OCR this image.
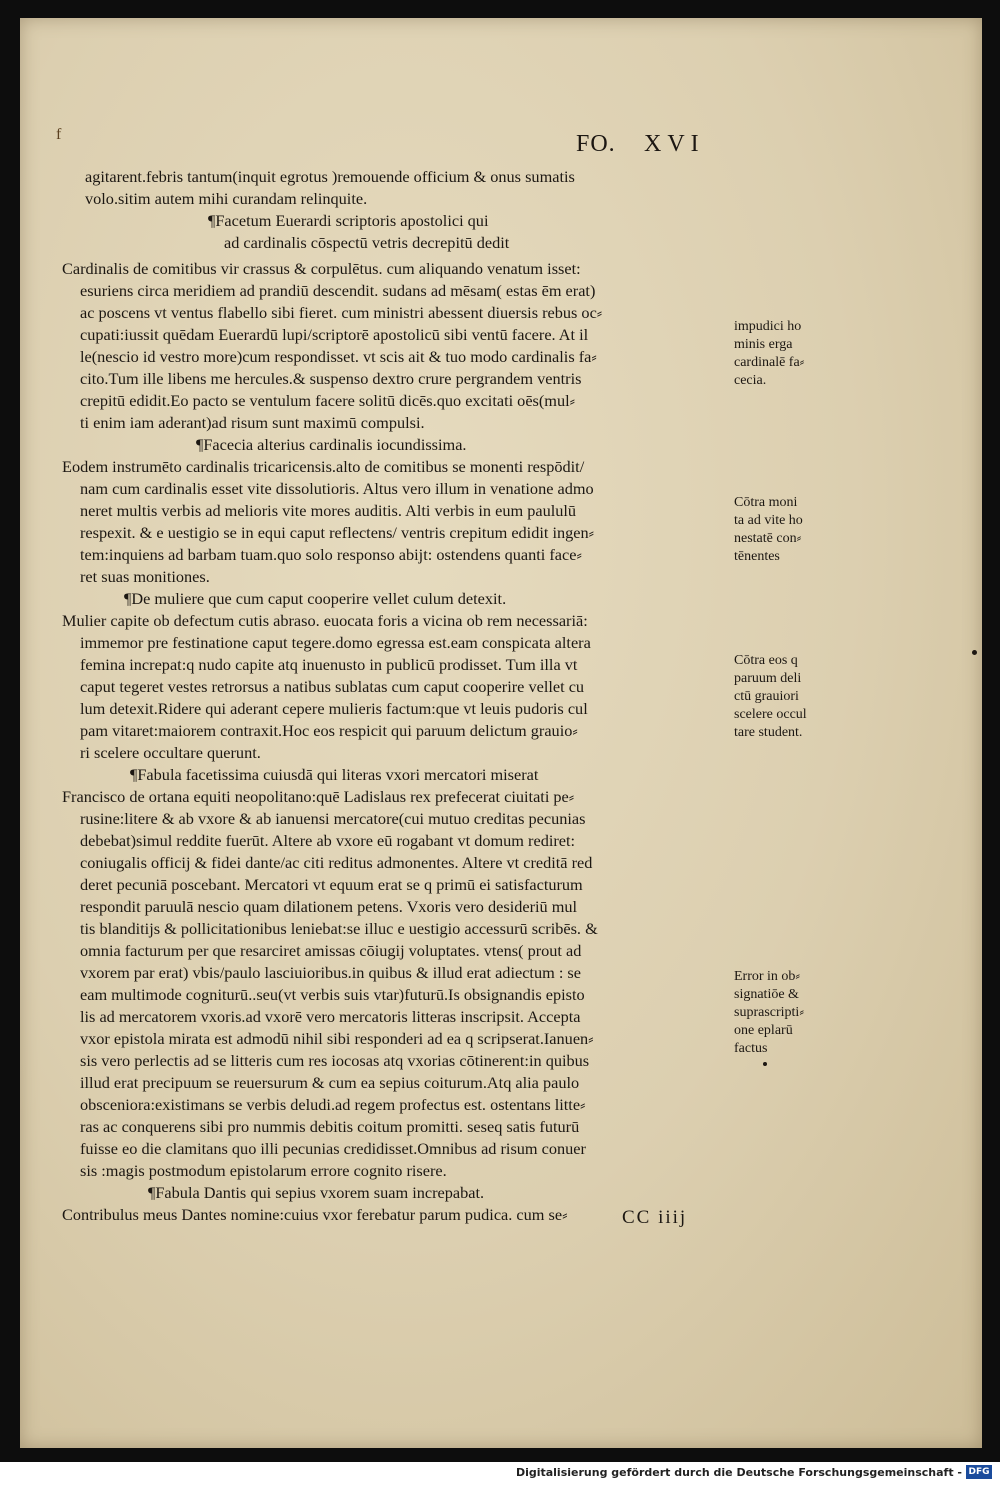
f	FO. XVI
agitarent.febris tantum(inquit egrotus )remouende officium & onus sumatis
volo.sitim autem mihi curandam relinquite.
¶Facetum Euerardi scriptoris apostolici qui
ad cardinalis cōspectū vetris decrepitū dedit
Cardinalis de comitibus vir crassus & corpulētus. cum aliquando venatum isset:
esuriens circa meridiem ad prandiū descendit. sudans ad mēsam( estas ēm erat)
ac poscens vt ventus flabello sibi fieret. cum ministri abessent diuersis rebus oc⸗
cupati:iussit quēdam Euerardū lupi/scriptorē apostolicū sibi ventū facere. At il
le(nescio id vestro more)cum respondisset. vt scis ait & tuo modo cardinalis fa⸗
cito.Tum ille libens me hercules.& suspenso dextro crure pergrandem ventris
crepitū edidit.Eo pacto se ventulum facere solitū dicēs.quo excitati oēs(mul⸗
ti enim iam aderant)ad risum sunt maximū compulsi.
¶Facecia alterius cardinalis iocundissima.
Eodem instrumēto cardinalis tricaricensis.alto de comitibus se monenti respōdit/
nam cum cardinalis esset vite dissolutioris. Altus vero illum in venatione admo
neret multis verbis ad melioris vite mores auditis. Alti verbis in eum paululū
respexit. & e uestigio se in equi caput reflectens/ ventris crepitum edidit ingen⸗
tem:inquiens ad barbam tuam.quo solo responso abijt: ostendens quanti face⸗
ret suas monitiones.
¶De muliere que cum caput cooperire vellet culum detexit.
Mulier capite ob defectum cutis abraso. euocata foris a vicina ob rem necessariā:
immemor pre festinatione caput tegere.domo egressa est.eam conspicata altera
femina increpat:q nudo capite atq inuenusto in publicū prodisset. Tum illa vt
caput tegeret vestes retrorsus a natibus sublatas cum caput cooperire vellet cu
lum detexit.Ridere qui aderant cepere mulieris factum:que vt leuis pudoris cul
pam vitaret:maiorem contraxit.Hoc eos respicit qui paruum delictum grauio⸗
ri scelere occultare querunt.
¶Fabula facetissima cuiusdā qui literas vxori mercatori miserat
Francisco de ortana equiti neopolitano:quē Ladislaus rex prefecerat ciuitati pe⸗
rusine:litere & ab vxore & ab ianuensi mercatore(cui mutuo creditas pecunias
debebat)simul reddite fuerūt. Altere ab vxore eū rogabant vt domum rediret:
coniugalis officij & fidei dante/ac citi reditus admonentes. Altere vt creditā red
deret pecuniā poscebant. Mercatori vt equum erat se q primū ei satisfacturum
respondit paruulā nescio quam dilationem petens. Vxoris vero desideriū mul
tis blanditijs & pollicitationibus leniebat:se illuc e uestigio accessurū scribēs. &
omnia facturum per que resarciret amissas cōiugij voluptates. vtens( prout ad
vxorem par erat) vbis/paulo lasciuioribus.in quibus & illud erat adiectum : se
eam multimode cogniturū..seu(vt verbis suis vtar)futurū.Is obsignandis episto
lis ad mercatorem vxoris.ad vxorē vero mercatoris litteras inscripsit. Accepta
vxor epistola mirata est admodū nihil sibi responderi ad ea q scripserat.Ianuen⸗
sis vero perlectis ad se litteris cum res iocosas atq vxorias cōtinerent:in quibus
illud erat precipuum se reuersurum & cum ea sepius coiturum.Atq alia paulo
obsceniora:existimans se verbis deludi.ad regem profectus est. ostentans litte⸗
ras ac conquerens sibi pro nummis debitis coitum promitti. seseq satis futurū
fuisse eo die clamitans quo illi pecunias credidisset.Omnibus ad risum conuer
sis :magis postmodum epistolarum errore cognito risere.
¶Fabula Dantis qui sepius vxorem suam increpabat.
Contribulus meus Dantes nomine:cuius vxor ferebatur parum pudica. cum se⸗
impudici ho
minis erga
cardinalē fa⸗
cecia.
Cōtra moni
ta ad vite ho
nestatē con⸗
tēnentes
Cōtra eos q
paruum deli
ctū grauiori
scelere occul
tare student.
Error in ob⸗
signatiōe &
suprascripti⸗
one eplarū
factus
CC iiij
Digitalisierung gefördert durch die Deutsche Forschungsgemeinschaft - DFG
